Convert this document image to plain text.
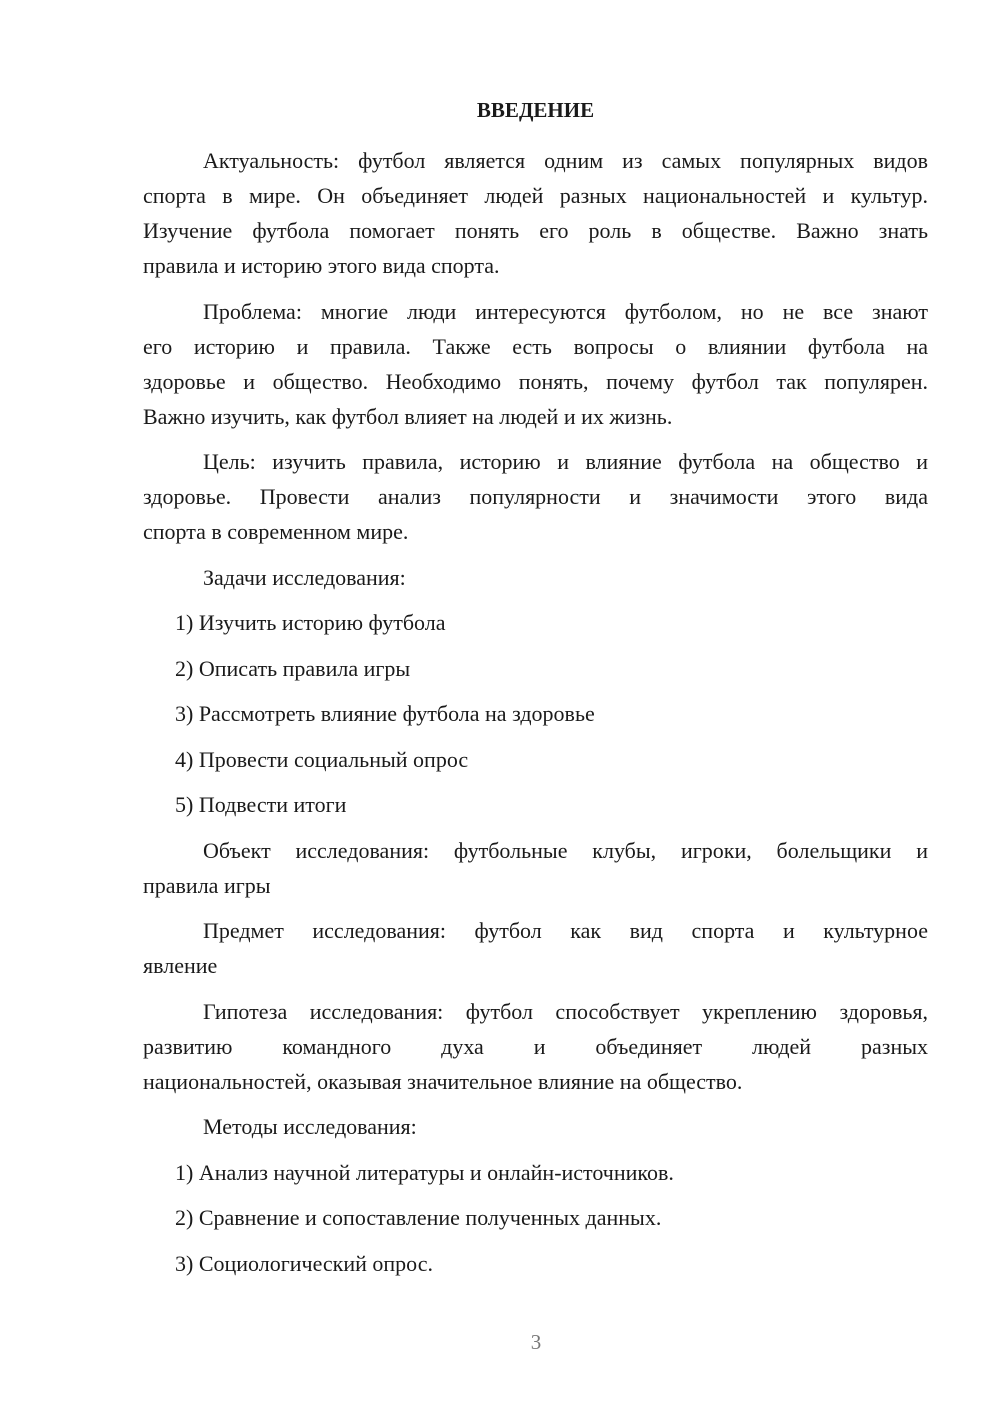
ВВЕДЕНИЕ
Актуальность: футбол является одним из самых популярных видов
спорта в мире. Он объединяет людей разных национальностей и культур.
Изучение футбола помогает понять его роль в обществе. Важно знать
правила и историю этого вида спорта.
Проблема: многие люди интересуются футболом, но не все знают
его историю и правила. Также есть вопросы о влиянии футбола на
здоровье и общество. Необходимо понять, почему футбол так популярен.
Важно изучить, как футбол влияет на людей и их жизнь.
Цель: изучить правила, историю и влияние футбола на общество и
здоровье. Провести анализ популярности и значимости этого вида
спорта в современном мире.
Задачи исследования:
1) Изучить историю футбола
2) Описать правила игры
3) Рассмотреть влияние футбола на здоровье
4) Провести социальный опрос
5) Подвести итоги
Объект исследования: футбольные клубы, игроки, болельщики и
правила игры
Предмет исследования: футбол как вид спорта и культурное
явление
Гипотеза исследования: футбол способствует укреплению здоровья,
развитию командного духа и объединяет людей разных
национальностей, оказывая значительное влияние на общество.
Методы исследования:
1) Анализ научной литературы и онлайн-источников.
2) Сравнение и сопоставление полученных данных.
3) Социологический опрос.
3
